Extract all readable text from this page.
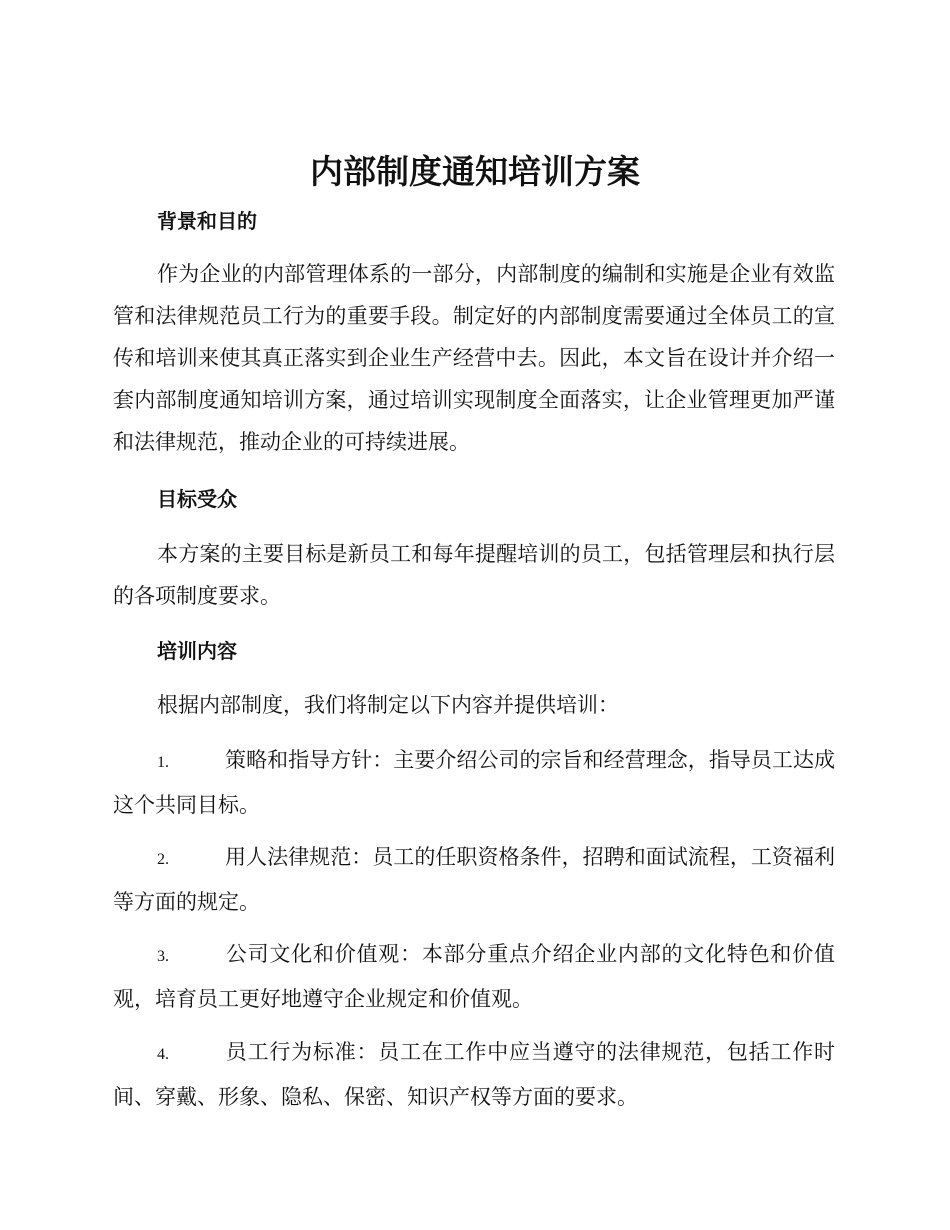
内部制度通知培训方案
背景和目的

作为企业的内部管理体系的一部分，内部制度的编制和实施是企业有效监管和法律规范员工行为的重要手段。制定好的内部制度需要通过全体员工的宣传和培训来使其真正落实到企业生产经营中去。因此，本文旨在设计并介绍一套内部制度通知培训方案，通过培训实现制度全面落实，让企业管理更加严谨和法律规范，推动企业的可持续进展。

目标受众

本方案的主要目标是新员工和每年提醒培训的员工，包括管理层和执行层的各项制度要求。

培训内容

根据内部制度，我们将制定以下内容并提供培训：

1.	策略和指导方针：主要介绍公司的宗旨和经营理念，指导员工达成这个共同目标。

2.	用人法律规范：员工的任职资格条件，招聘和面试流程，工资福利等方面的规定。

3.	公司文化和价值观：本部分重点介绍企业内部的文化特色和价值观，培育员工更好地遵守企业规定和价值观。

4.	员工行为标准：员工在工作中应当遵守的法律规范，包括工作时间、穿戴、形象、隐私、保密、知识产权等方面的要求。
